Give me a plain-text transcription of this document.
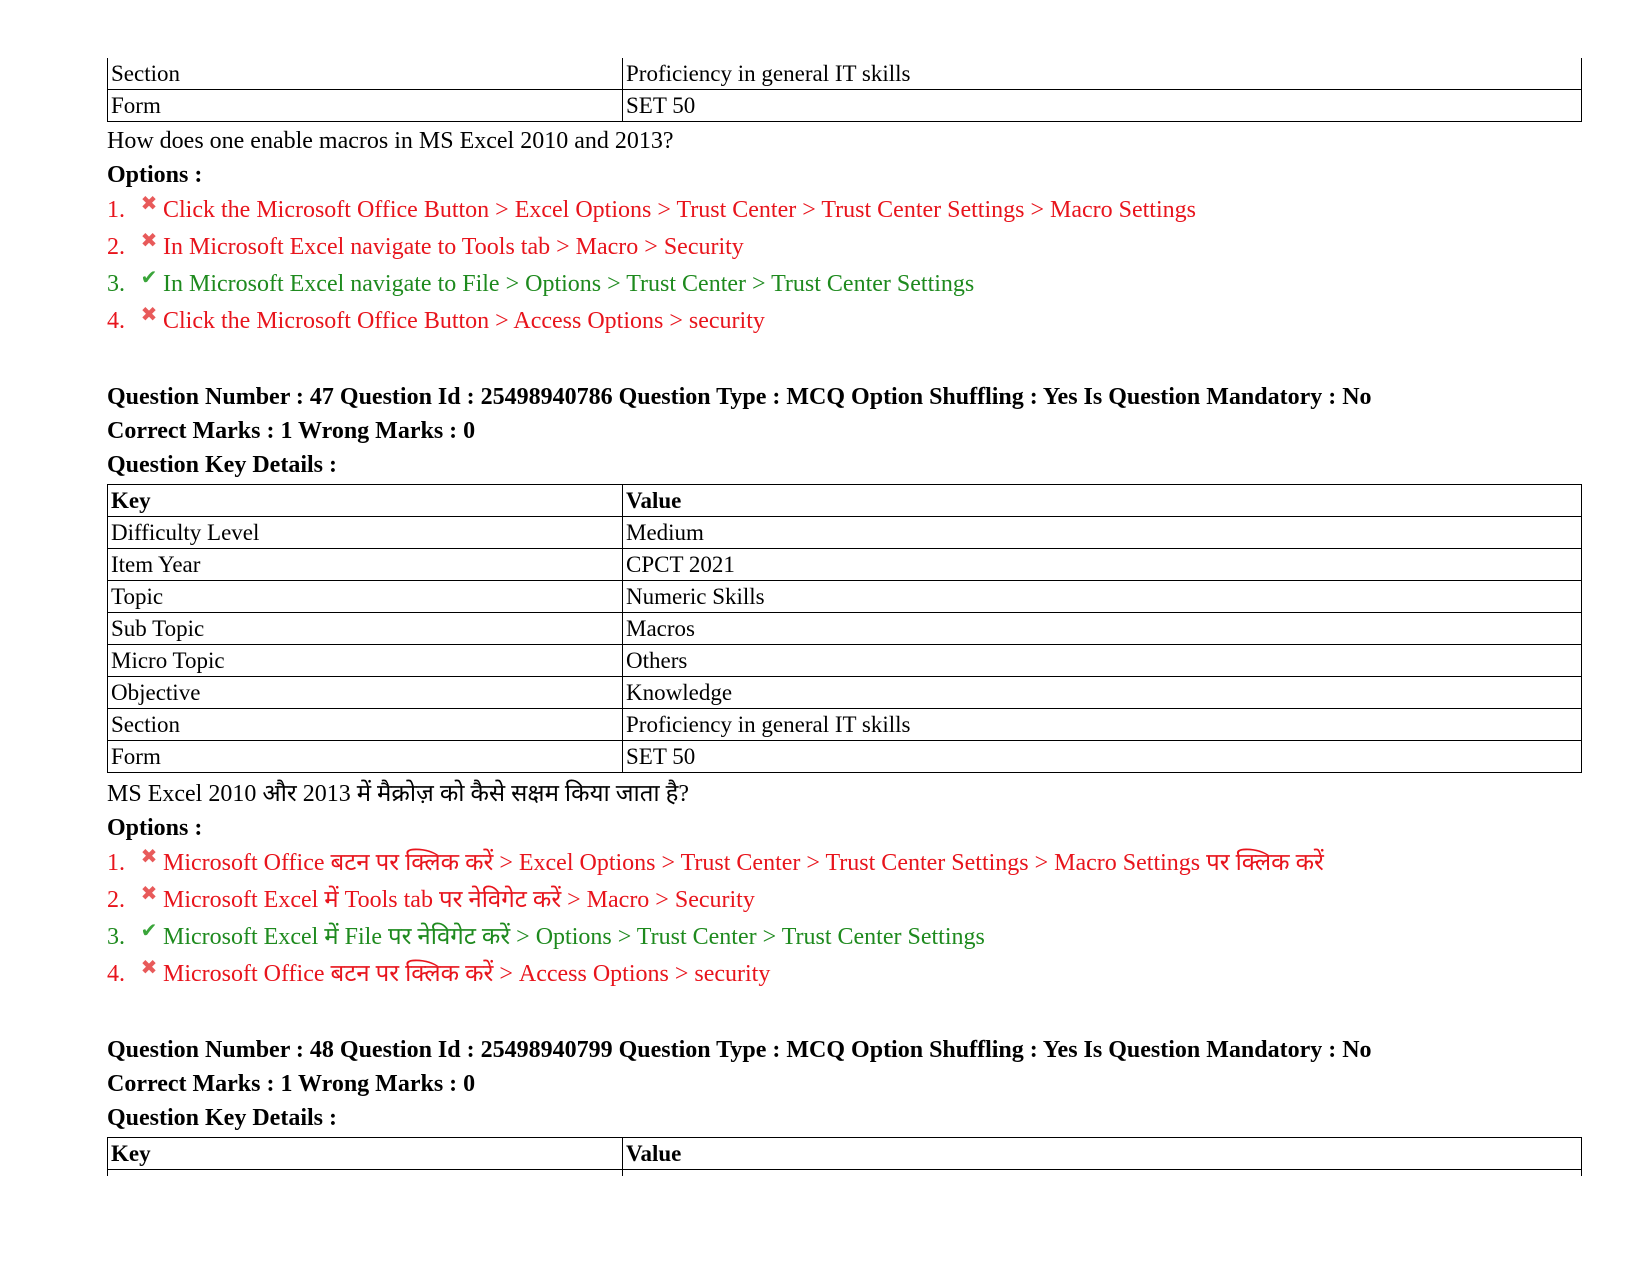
Section	Proficiency in general IT skills
Form	SET 50
How does one enable macros in MS Excel 2010 and 2013?
Options :
1. ✖ Click the Microsoft Office Button > Excel Options > Trust Center > Trust Center Settings > Macro Settings
2. ✖ In Microsoft Excel navigate to Tools tab > Macro > Security
3. ✔ In Microsoft Excel navigate to File > Options > Trust Center > Trust Center Settings
4. ✖ Click the Microsoft Office Button > Access Options > security
Question Number : 47 Question Id : 25498940786 Question Type : MCQ Option Shuffling : Yes Is Question Mandatory : No
Correct Marks : 1 Wrong Marks : 0
Question Key Details :
Key	Value
Difficulty Level	Medium
Item Year	CPCT 2021
Topic	Numeric Skills
Sub Topic	Macros
Micro Topic	Others
Objective	Knowledge
Section	Proficiency in general IT skills
Form	SET 50
MS Excel 2010 और 2013 में मैक्रोज़ को कैसे सक्षम किया जाता है?
Options :
1. ✖ Microsoft Office बटन पर क्लिक करें > Excel Options > Trust Center > Trust Center Settings > Macro Settings पर क्लिक करें
2. ✖ Microsoft Excel में Tools tab पर नेविगेट करें > Macro > Security
3. ✔ Microsoft Excel में File पर नेविगेट करें > Options > Trust Center > Trust Center Settings
4. ✖ Microsoft Office बटन पर क्लिक करें > Access Options > security
Question Number : 48 Question Id : 25498940799 Question Type : MCQ Option Shuffling : Yes Is Question Mandatory : No
Correct Marks : 1 Wrong Marks : 0
Question Key Details :
Key	Value
